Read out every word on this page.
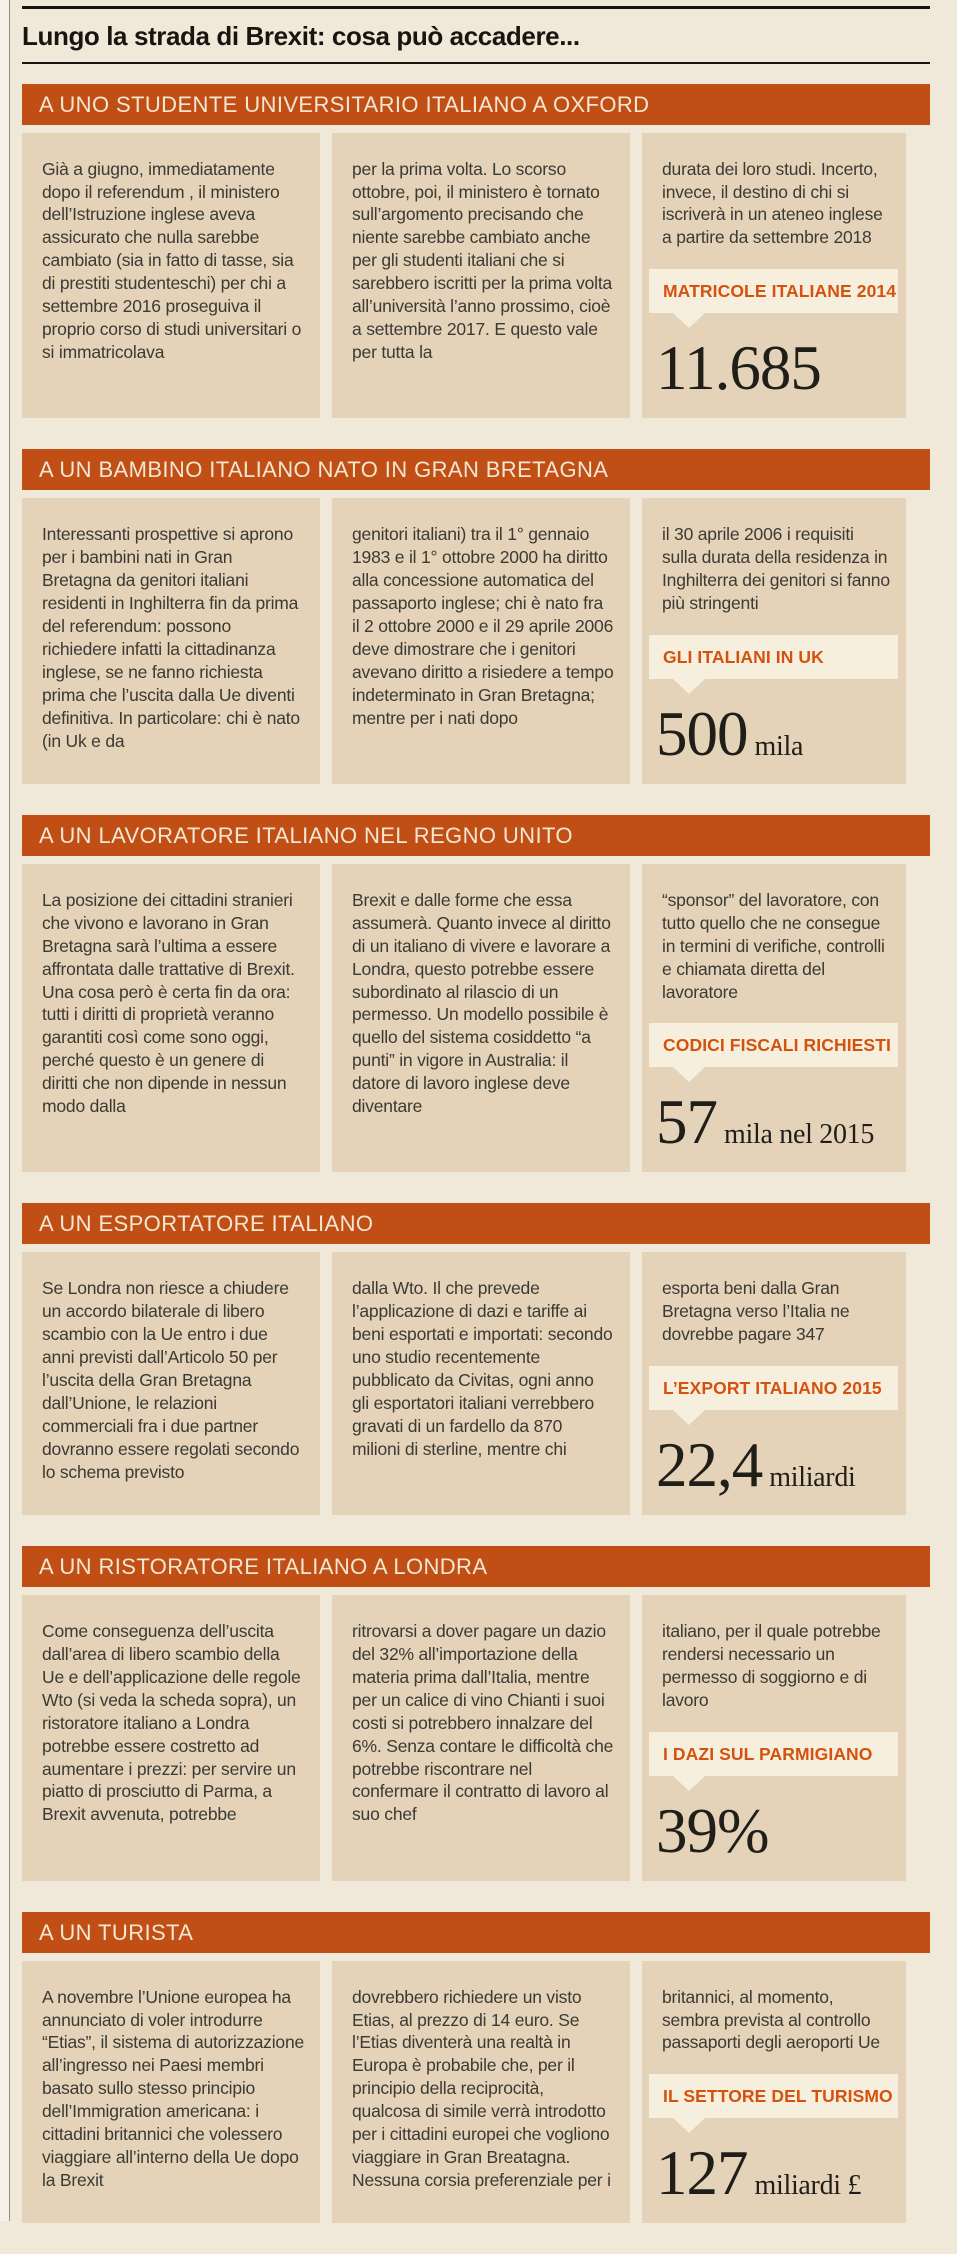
Lungo la strada di Brexit: cosa può accadere...
A UNO STUDENTE UNIVERSITARIO ITALIANO A OXFORD
Già a giugno, immediatamente dopo il referendum , il ministero dell’Istruzione inglese aveva assicurato che nulla sarebbe cambiato (sia in fatto di tasse, sia di prestiti studenteschi) per chi a settembre 2016 proseguiva il proprio corso di studi universitari o si immatricolava
per la prima volta. Lo scorso ottobre, poi, il ministero è tornato sull’argomento precisando che niente sarebbe cambiato anche per gli studenti italiani che si sarebbero iscritti per la prima volta all’università l’anno prossimo, cioè a settembre 2017. E questo vale per tutta la
durata dei loro studi. Incerto, invece, il destino di chi si iscriverà in un ateneo inglese a partire da settembre 2018
MATRICOLE ITALIANE 2014
11.685
A UN BAMBINO ITALIANO NATO IN GRAN BRETAGNA
Interessanti prospettive si aprono per i bambini nati in Gran Bretagna da genitori italiani residenti in Inghilterra fin da prima del referendum: possono richiedere infatti la cittadinanza inglese, se ne fanno richiesta prima che l’uscita dalla Ue diventi definitiva. In particolare: chi è nato (in Uk e da
genitori italiani) tra il 1° gennaio 1983 e il 1° ottobre 2000 ha diritto alla concessione automatica del passaporto inglese; chi è nato fra il 2 ottobre 2000 e il 29 aprile 2006 deve dimostrare che i genitori avevano diritto a risiedere a tempo indeterminato in Gran Bretagna; mentre per i nati dopo
il 30 aprile 2006 i requisiti sulla durata della residenza in Inghilterra dei genitori si fanno più stringenti
GLI ITALIANI IN UK
500 mila
A UN LAVORATORE ITALIANO NEL REGNO UNITO
La posizione dei cittadini stranieri che vivono e lavorano in Gran Bretagna sarà l’ultima a essere affrontata dalle trattative di Brexit. Una cosa però è certa fin da ora: tutti i diritti di proprietà veranno garantiti così come sono oggi, perché questo è un genere di diritti che non dipende in nessun modo dalla
Brexit e dalle forme che essa assumerà. Quanto invece al diritto di un italiano di vivere e lavorare a Londra, questo potrebbe essere subordinato al rilascio di un permesso. Un modello possibile è quello del sistema cosiddetto “a punti” in vigore in Australia: il datore di lavoro inglese deve diventare
“sponsor” del lavoratore, con tutto quello che ne consegue in termini di verifiche, controlli e chiamata diretta del lavoratore
CODICI FISCALI RICHIESTI
57 mila nel 2015
A UN ESPORTATORE ITALIANO
Se Londra non riesce a chiudere un accordo bilaterale di libero scambio con la Ue entro i due anni previsti dall’Articolo 50 per l’uscita della Gran Bretagna dall’Unione, le relazioni commerciali fra i due partner dovranno essere regolati secondo lo schema previsto
dalla Wto. Il che prevede l’applicazione di dazi e tariffe ai beni esportati e importati: secondo uno studio recentemente pubblicato da Civitas, ogni anno gli esportatori italiani verrebbero gravati di un fardello da 870 milioni di sterline, mentre chi
esporta beni dalla Gran Bretagna verso l’Italia ne dovrebbe pagare 347
L’EXPORT ITALIANO 2015
22,4 miliardi
A UN RISTORATORE ITALIANO A LONDRA
Come conseguenza dell’uscita dall’area di libero scambio della Ue e dell’applicazione delle regole Wto (si veda la scheda sopra), un ristoratore italiano a Londra potrebbe essere costretto ad aumentare i prezzi: per servire un piatto di prosciutto di Parma, a Brexit avvenuta, potrebbe
ritrovarsi a dover pagare un dazio del 32% all’importazione della materia prima dall’Italia, mentre per un calice di vino Chianti i suoi costi si potrebbero innalzare del 6%. Senza contare le difficoltà che potrebbe riscontrare nel confermare il contratto di lavoro al suo chef
italiano, per il quale potrebbe rendersi necessario un permesso di soggiorno e di lavoro
I DAZI SUL PARMIGIANO
39%
A UN TURISTA
A novembre l’Unione europea ha annunciato di voler introdurre “Etias”, il sistema di autorizzazione all’ingresso nei Paesi membri basato sullo stesso principio dell’Immigration americana: i cittadini britannici che volessero viaggiare all’interno della Ue dopo la Brexit
dovrebbero richiedere un visto Etias, al prezzo di 14 euro. Se l’Etias diventerà una realtà in Europa è probabile che, per il principio della reciprocità, qualcosa di simile verrà introdotto per i cittadini europei che vogliono viaggiare in Gran Breatagna. Nessuna corsia preferenziale per i
britannici, al momento, sembra prevista al controllo passaporti degli aeroporti Ue
IL SETTORE DEL TURISMO
127 miliardi £
